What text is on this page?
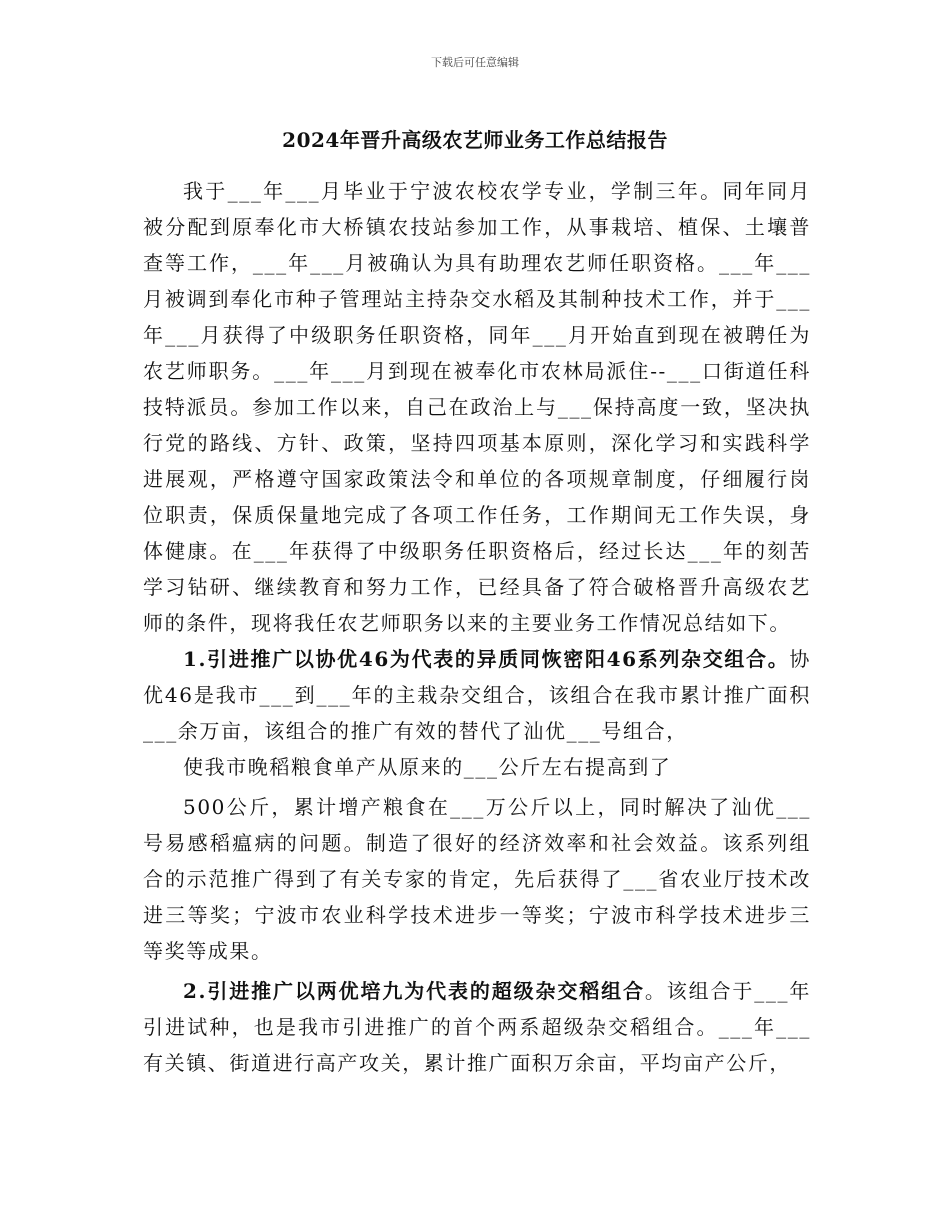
下载后可任意编辑
2024年晋升高级农艺师业务工作总结报告

我于___年___月毕业于宁波农校农学专业，学制三年。同年同月被分配到原奉化市大桥镇农技站参加工作，从事栽培、植保、土壤普查等工作，___年___月被确认为具有助理农艺师任职资格。___年___月被调到奉化市种子管理站主持杂交水稻及其制种技术工作，并于___年___月获得了中级职务任职资格，同年___月开始直到现在被聘任为农艺师职务。___年___月到现在被奉化市农林局派住--___口街道任科技特派员。参加工作以来，自己在政治上与___保持高度一致，坚决执行党的路线、方针、政策，坚持四项基本原则，深化学习和实践科学进展观，严格遵守国家政策法令和单位的各项规章制度，仔细履行岗位职责，保质保量地完成了各项工作任务，工作期间无工作失误，身体健康。在___年获得了中级职务任职资格后，经过长达___年的刻苦学习钻研、继续教育和努力工作，已经具备了符合破格晋升高级农艺师的条件，现将我任农艺师职务以来的主要业务工作情况总结如下。

1.引进推广以协优46为代表的异质同恢密阳46系列杂交组合。协优46是我市___到___年的主栽杂交组合，该组合在我市累计推广面积___余万亩，该组合的推广有效的替代了汕优___号组合，

使我市晚稻粮食单产从原来的___公斤左右提高到了

500公斤，累计增产粮食在___万公斤以上，同时解决了汕优___号易感稻瘟病的问题。制造了很好的经济效率和社会效益。该系列组合的示范推广得到了有关专家的肯定，先后获得了___省农业厅技术改进三等奖；宁波市农业科学技术进步一等奖；宁波市科学技术进步三等奖等成果。

2.引进推广以两优培九为代表的超级杂交稻组合。该组合于___年引进试种，也是我市引进推广的首个两系超级杂交稻组合。___年___有关镇、街道进行高产攻关，累计推广面积万余亩，平均亩产公斤，
